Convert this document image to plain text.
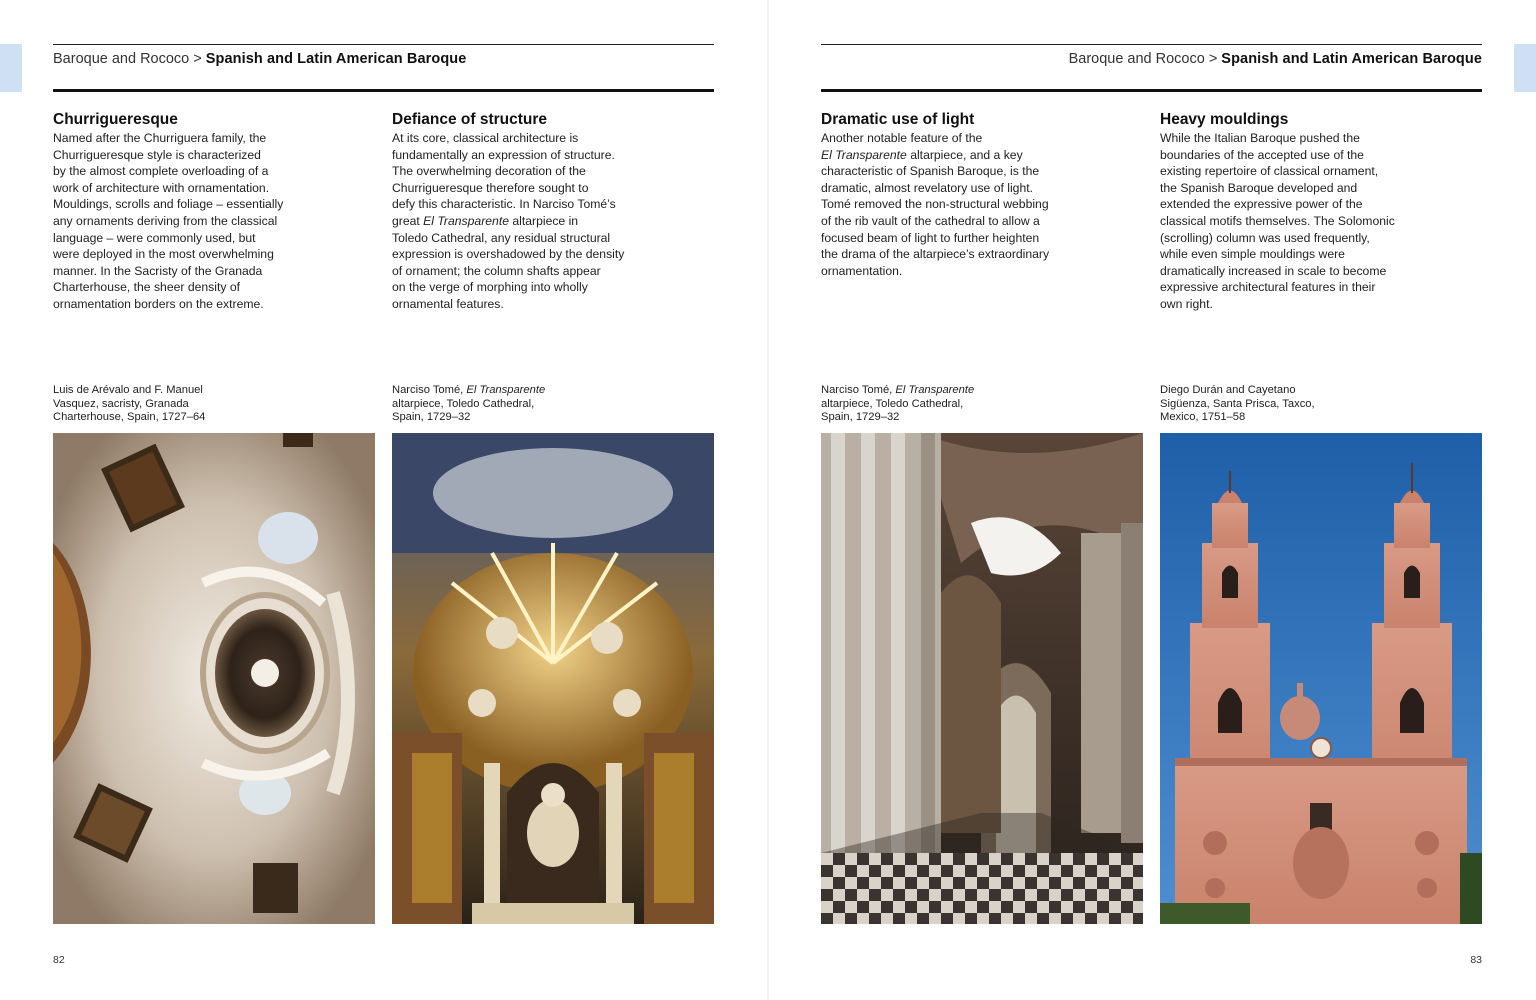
Baroque and Rococo > Spanish and Latin American Baroque
Churrigueresque

Named after the Churriguera family, the
Churrigueresque style is characterized
by the almost complete overloading of a
work of architecture with ornamentation.
Mouldings, scrolls and foliage – essentially
any ornaments deriving from the classical
language – were commonly used, but
were deployed in the most overwhelming
manner. In the Sacristy of the Granada
Charterhouse, the sheer density of
ornamentation borders on the extreme.

Luis de Arévalo and F. Manuel
Vasquez, sacristy, Granada
Charterhouse, Spain, 1727–64

Defiance of structure

At its core, classical architecture is
fundamentally an expression of structure.
The overwhelming decoration of the
Churrigueresque therefore sought to
defy this characteristic. In Narciso Tomé’s
great El Transparente altarpiece in
Toledo Cathedral, any residual structural
expression is overshadowed by the density
of ornament; the column shafts appear
on the verge of morphing into wholly
ornamental features.

Narciso Tomé, El Transparente
altarpiece, Toledo Cathedral,
Spain, 1729–32

82
Baroque and Rococo > Spanish and Latin American Baroque
Dramatic use of light

Another notable feature of the
El Transparente altarpiece, and a key
characteristic of Spanish Baroque, is the
dramatic, almost revelatory use of light.
Tomé removed the non-structural webbing
of the rib vault of the cathedral to allow a
focused beam of light to further heighten
the drama of the altarpiece’s extraordinary
ornamentation.

Narciso Tomé, El Transparente
altarpiece, Toledo Cathedral,
Spain, 1729–32

Heavy mouldings

While the Italian Baroque pushed the
boundaries of the accepted use of the
existing repertoire of classical ornament,
the Spanish Baroque developed and
extended the expressive power of the
classical motifs themselves. The Solomonic
(scrolling) column was used frequently,
while even simple mouldings were
dramatically increased in scale to become
expressive architectural features in their
own right.

Diego Durán and Cayetano
Sigüenza, Santa Prisca, Taxco,
Mexico, 1751–58

83
